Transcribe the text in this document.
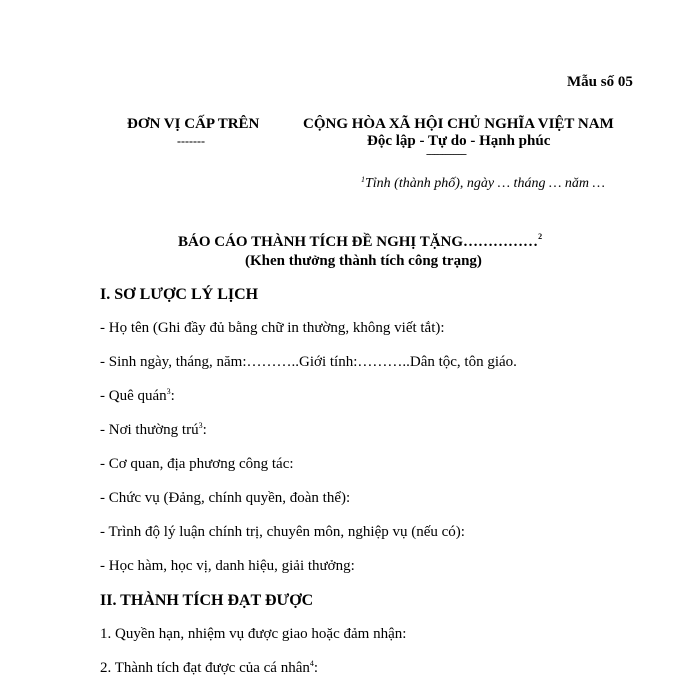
Mẫu số 05
ĐƠN VỊ CẤP TRÊN
-------
CỘNG HÒA XÃ HỘI CHỦ NGHĨA VIỆT NAM
Độc lập - Tự do - Hạnh phúc
---------------
$^1$Tỉnh (thành phố), ngày … tháng … năm …
BÁO CÁO THÀNH TÍCH ĐỀ NGHỊ TẶNG……………$^2$
(Khen thưởng thành tích công trạng)
I. SƠ LƯỢC LÝ LỊCH
- Họ tên (Ghi đầy đủ bằng chữ in thường, không viết tắt):
- Sinh ngày, tháng, năm:………..Giới tính:………..Dân tộc, tôn giáo.
- Quê quán$^3$:
- Nơi thường trú$^3$:
- Cơ quan, địa phương công tác:
- Chức vụ (Đảng, chính quyền, đoàn thể):
- Trình độ lý luận chính trị, chuyên môn, nghiệp vụ (nếu có):
- Học hàm, học vị, danh hiệu, giải thưởng:
II. THÀNH TÍCH ĐẠT ĐƯỢC
1. Quyền hạn, nhiệm vụ được giao hoặc đảm nhận:
2. Thành tích đạt được của cá nhân$^4$:
